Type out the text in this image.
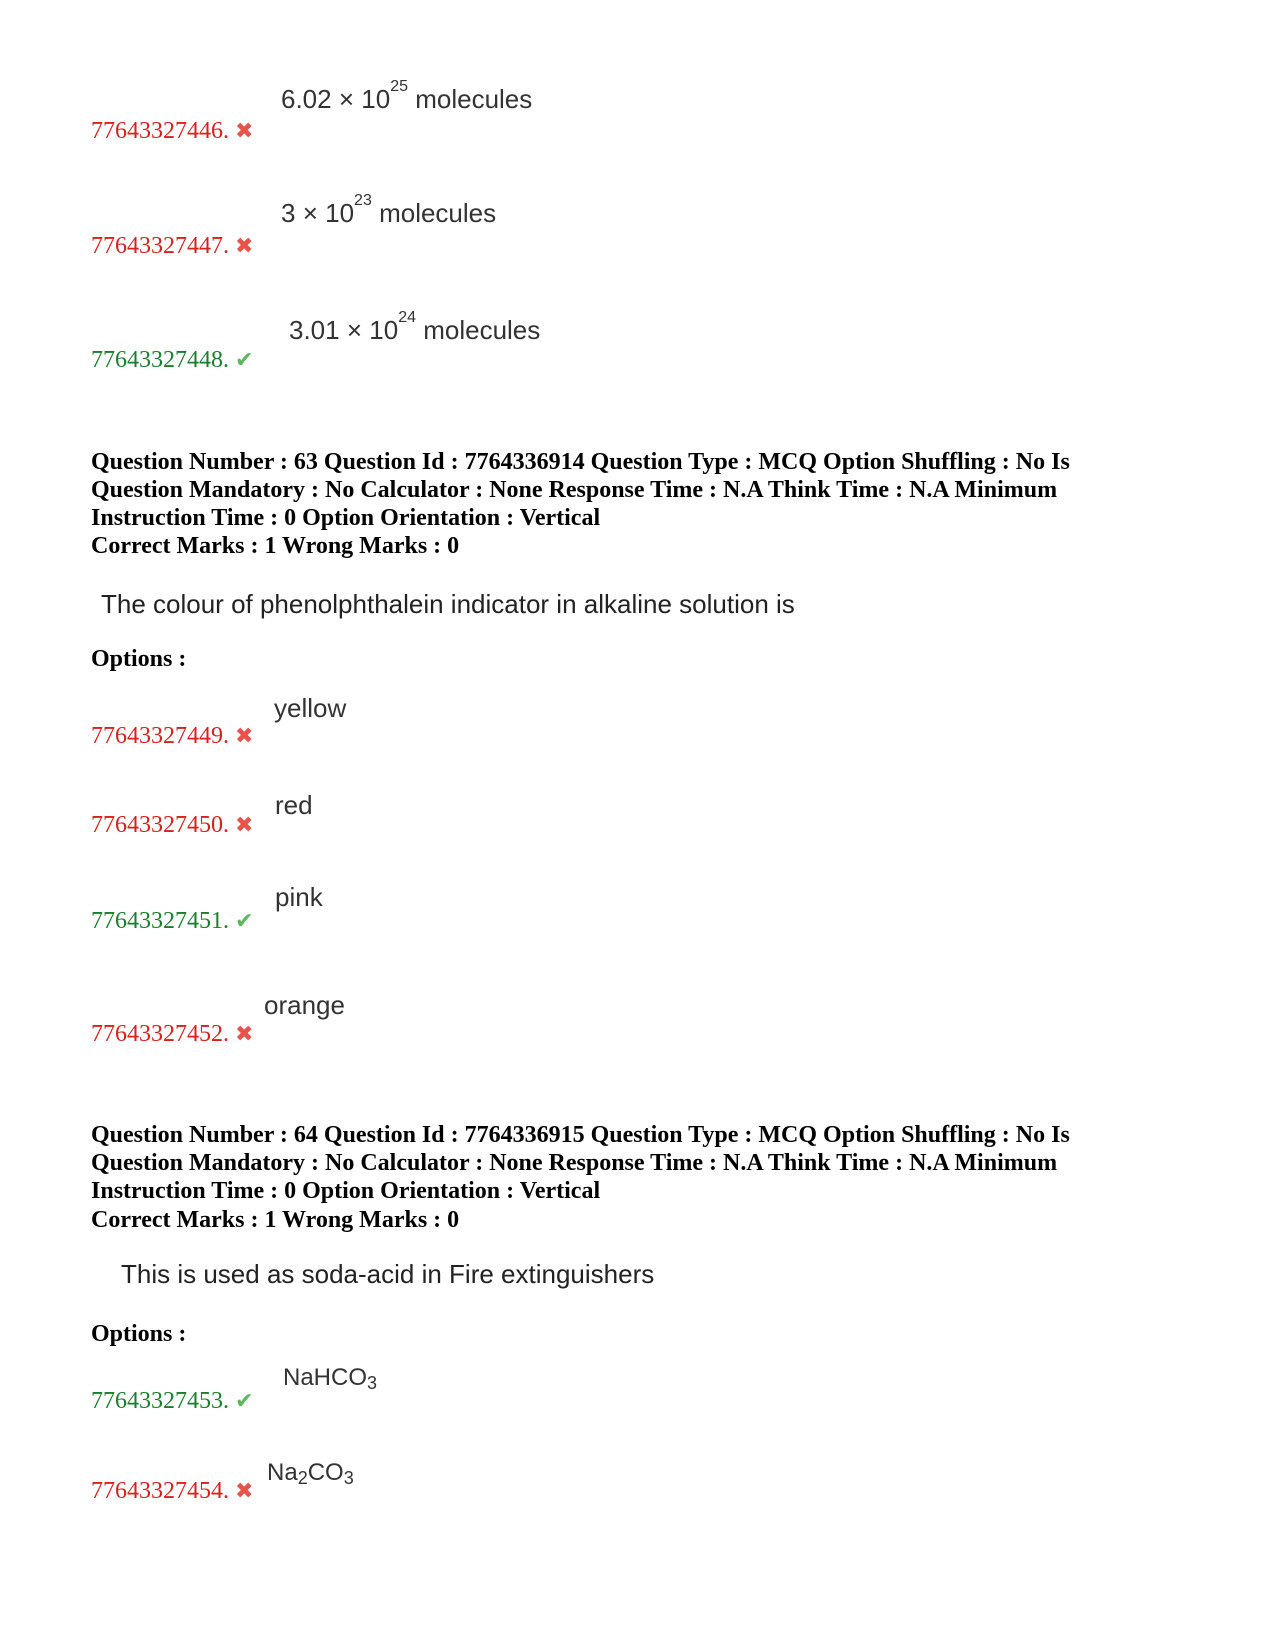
$6.02 \times 10^{25}$ molecules
77643327446. ✖
$3 \times 10^{23}$ molecules
77643327447. ✖
$3.01 \times 10^{24}$ molecules
77643327448. ✔
Question Number : 63 Question Id : 7764336914 Question Type : MCQ Option Shuffling : No Is Question Mandatory : No Calculator : None Response Time : N.A Think Time : N.A Minimum Instruction Time : 0 Option Orientation : Vertical
Correct Marks : 1 Wrong Marks : 0
The colour of phenolphthalein indicator in alkaline solution is
Options :
yellow
77643327449. ✖
red
77643327450. ✖
pink
77643327451. ✔
orange
77643327452. ✖
Question Number : 64 Question Id : 7764336915 Question Type : MCQ Option Shuffling : No Is Question Mandatory : No Calculator : None Response Time : N.A Think Time : N.A Minimum Instruction Time : 0 Option Orientation : Vertical
Correct Marks : 1 Wrong Marks : 0
This is used as soda-acid in Fire extinguishers
Options :
NaHCO$_3$
77643327453. ✔
$Na_2CO_3$
77643327454. ✖
